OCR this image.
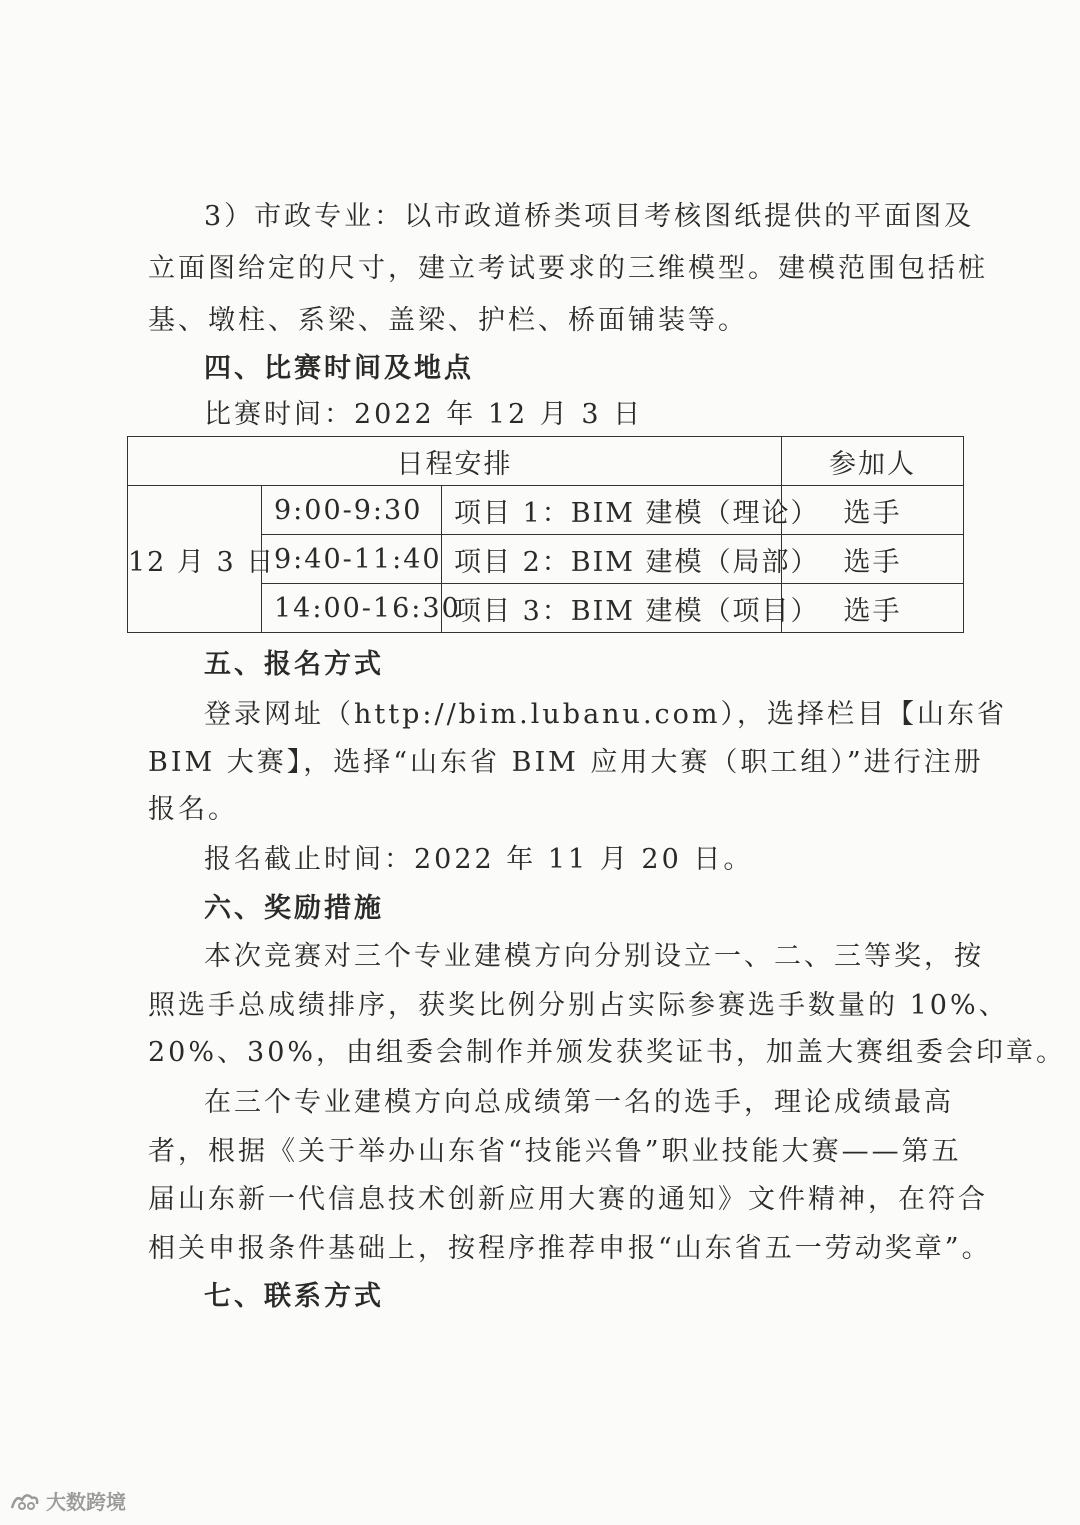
3）市政专业：以市政道桥类项目考核图纸提供的平面图及
立面图给定的尺寸，建立考试要求的三维模型。建模范围包括桩
基、墩柱、系梁、盖梁、护栏、桥面铺装等。
四、比赛时间及地点
比赛时间：2022 年 12 月 3 日
日程安排			参加人
12 月 3 日	9:00-9:30	项目 1：BIM 建模（理论）	选手
	9:40-11:40	项目 2：BIM 建模（局部）	选手
	14:00-16:30	项目 3：BIM 建模（项目）	选手
五、报名方式
登录网址（http://bim.lubanu.com），选择栏目【山东省
BIM 大赛】，选择“山东省 BIM 应用大赛（职工组）”进行注册
报名。
报名截止时间：2022 年 11 月 20 日。
六、奖励措施
本次竞赛对三个专业建模方向分别设立一、二、三等奖，按
照选手总成绩排序，获奖比例分别占实际参赛选手数量的 10%、
20%、30%，由组委会制作并颁发获奖证书，加盖大赛组委会印章。
在三个专业建模方向总成绩第一名的选手，理论成绩最高
者，根据《关于举办山东省“技能兴鲁”职业技能大赛——第五
届山东新一代信息技术创新应用大赛的通知》文件精神，在符合
相关申报条件基础上，按程序推荐申报“山东省五一劳动奖章”。
七、联系方式
大数跨境
